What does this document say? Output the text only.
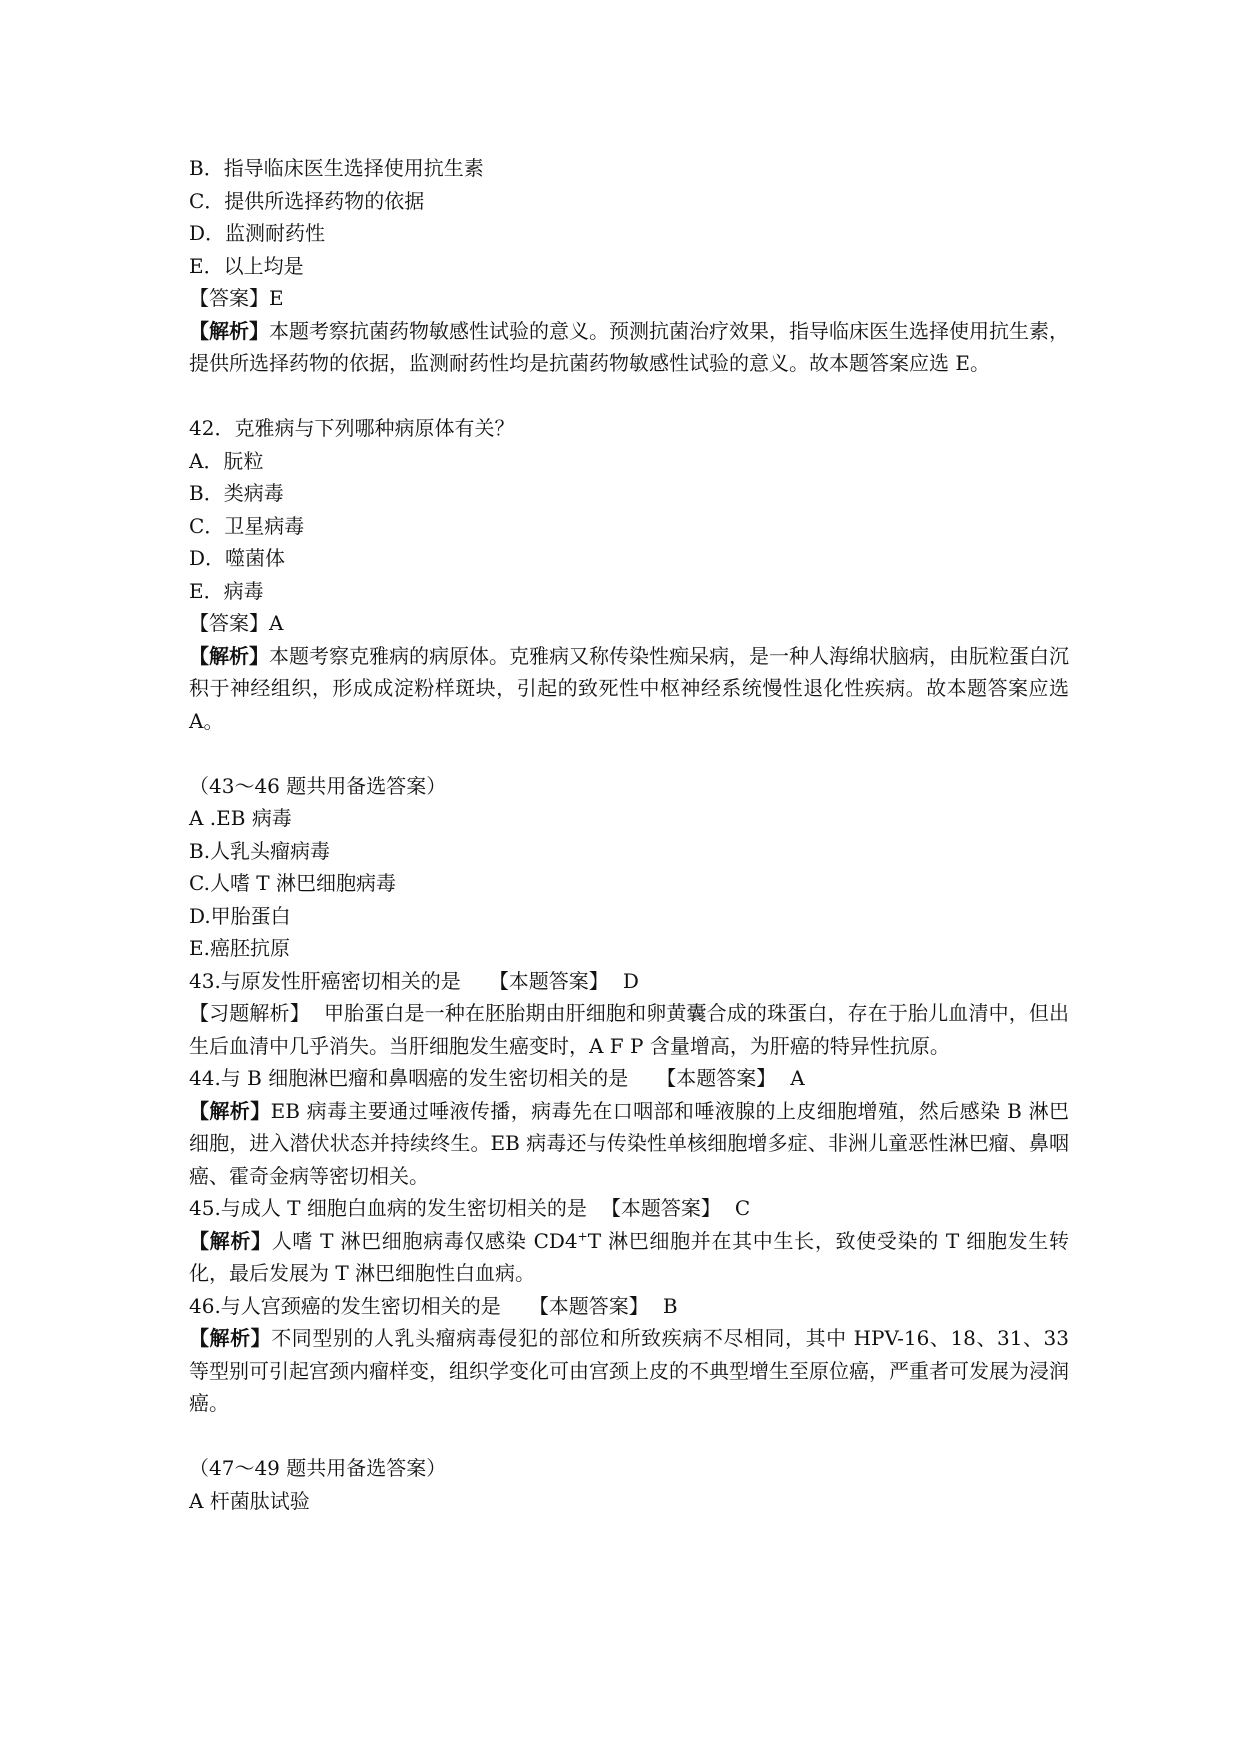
B．指导临床医生选择使用抗生素
C．提供所选择药物的依据
D．监测耐药性
E．以上均是
【答案】E
【解析】本题考察抗菌药物敏感性试验的意义。预测抗菌治疗效果，指导临床医生选择使用抗生素，提供所选择药物的依据，监测耐药性均是抗菌药物敏感性试验的意义。故本题答案应选 E。
42．克雅病与下列哪种病原体有关？
A．朊粒
B．类病毒
C．卫星病毒
D．噬菌体
E．病毒
【答案】A
【解析】本题考察克雅病的病原体。克雅病又称传染性痴呆病，是一种人海绵状脑病，由朊粒蛋白沉积于神经组织，形成成淀粉样斑块，引起的致死性中枢神经系统慢性退化性疾病。故本题答案应选 A。
（43～46 题共用备选答案）
A .EB 病毒
B.人乳头瘤病毒
C.人嗜 T 淋巴细胞病毒
D.甲胎蛋白
E.癌胚抗原
43.与原发性肝癌密切相关的是 【本题答案】 D
【习题解析】 甲胎蛋白是一种在胚胎期由肝细胞和卵黄囊合成的珠蛋白，存在于胎儿血清中，但出生后血清中几乎消失。当肝细胞发生癌变时，A F P 含量增高，为肝癌的特异性抗原。
44.与 B 细胞淋巴瘤和鼻咽癌的发生密切相关的是 【本题答案】 A
【解析】EB 病毒主要通过唾液传播，病毒先在口咽部和唾液腺的上皮细胞增殖，然后感染 B 淋巴细胞，进入潜伏状态并持续终生。EB 病毒还与传染性单核细胞增多症、非洲儿童恶性淋巴瘤、鼻咽癌、霍奇金病等密切相关。
45.与成人 T 细胞白血病的发生密切相关的是 【本题答案】 C
【解析】人嗜 T 淋巴细胞病毒仅感染 CD4+T 淋巴细胞并在其中生长，致使受染的 T 细胞发生转化，最后发展为 T 淋巴细胞性白血病。
46.与人宫颈癌的发生密切相关的是 【本题答案】 B
【解析】不同型别的人乳头瘤病毒侵犯的部位和所致疾病不尽相同，其中 HPV-16、18、31、33 等型别可引起宫颈内瘤样变，组织学变化可由宫颈上皮的不典型增生至原位癌，严重者可发展为浸润癌。
（47～49 题共用备选答案）
A 杆菌肽试验
